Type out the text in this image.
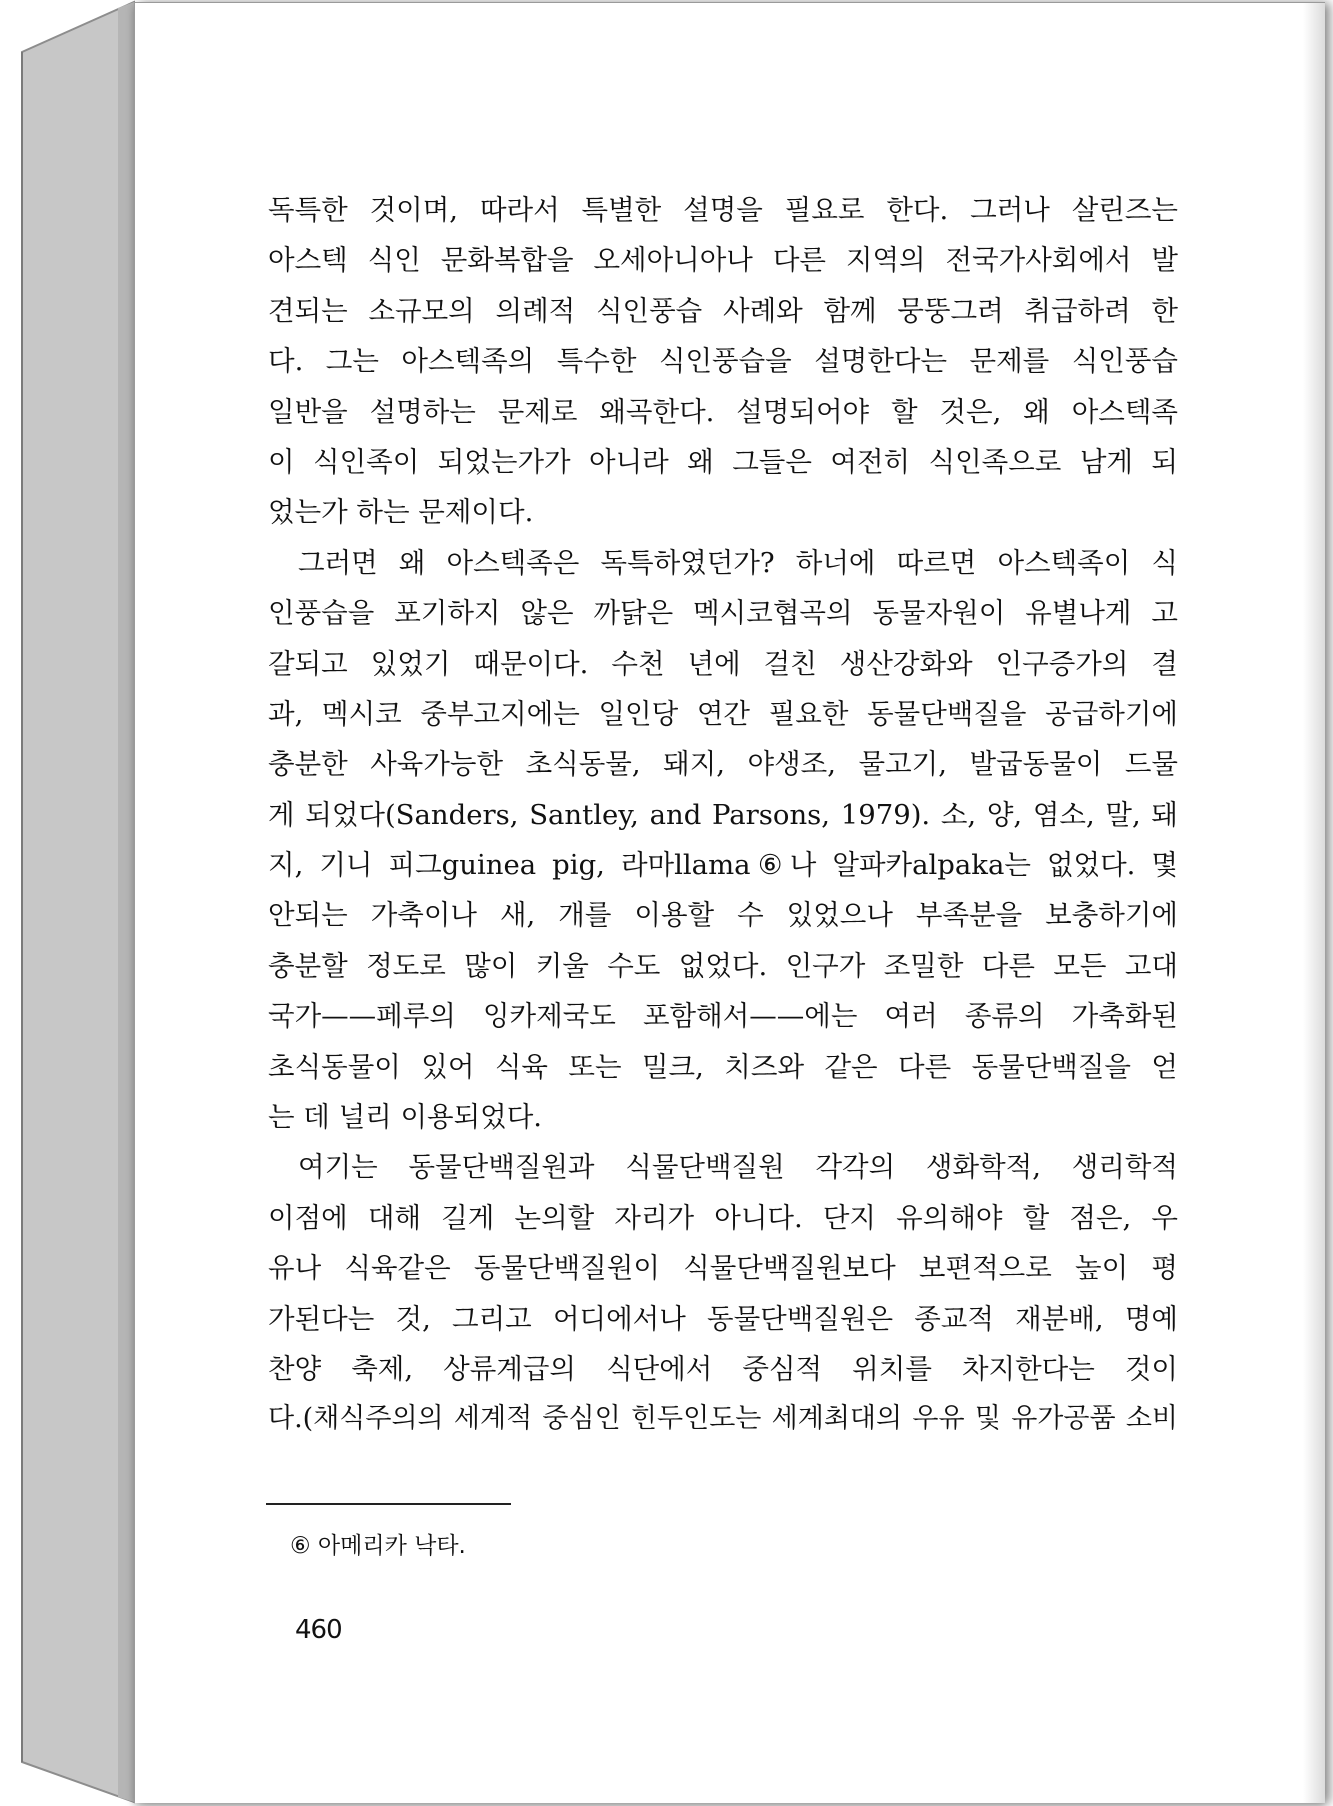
독특한 것이며, 따라서 특별한 설명을 필요로 한다. 그러나 살린즈는
아스텍 식인 문화복합을 오세아니아나 다른 지역의 전국가사회에서 발
견되는 소규모의 의례적 식인풍습 사례와 함께 뭉뚱그려 취급하려 한
다. 그는 아스텍족의 특수한 식인풍습을 설명한다는 문제를 식인풍습
일반을 설명하는 문제로 왜곡한다. 설명되어야 할 것은, 왜 아스텍족
이 식인족이 되었는가가 아니라 왜 그들은 여전히 식인족으로 남게 되
었는가 하는 문제이다.
그러면 왜 아스텍족은 독특하였던가? 하너에 따르면 아스텍족이 식
인풍습을 포기하지 않은 까닭은 멕시코협곡의 동물자원이 유별나게 고
갈되고 있었기 때문이다. 수천 년에 걸친 생산강화와 인구증가의 결
과, 멕시코 중부고지에는 일인당 연간 필요한 동물단백질을 공급하기에
충분한 사육가능한 초식동물, 돼지, 야생조, 물고기, 발굽동물이 드물
게 되었다(Sanders, Santley, and Parsons, 1979). 소, 양, 염소, 말, 돼
지, 기니 피그guinea pig, 라마llama⑥나 알파카alpaka는 없었다. 몇
안되는 가축이나 새, 개를 이용할 수 있었으나 부족분을 보충하기에
충분할 정도로 많이 키울 수도 없었다. 인구가 조밀한 다른 모든 고대
국가——페루의 잉카제국도 포함해서——에는 여러 종류의 가축화된
초식동물이 있어 식육 또는 밀크, 치즈와 같은 다른 동물단백질을 얻
는 데 널리 이용되었다.
여기는 동물단백질원과 식물단백질원 각각의 생화학적, 생리학적
이점에 대해 길게 논의할 자리가 아니다. 단지 유의해야 할 점은, 우
유나 식육같은 동물단백질원이 식물단백질원보다 보편적으로 높이 평
가된다는 것, 그리고 어디에서나 동물단백질원은 종교적 재분배, 명예
찬양 축제, 상류계급의 식단에서 중심적 위치를 차지한다는 것이
다.(채식주의의 세계적 중심인 힌두인도는 세계최대의 우유 및 유가공품 소비
⑥ 아메리카 낙타.
460
